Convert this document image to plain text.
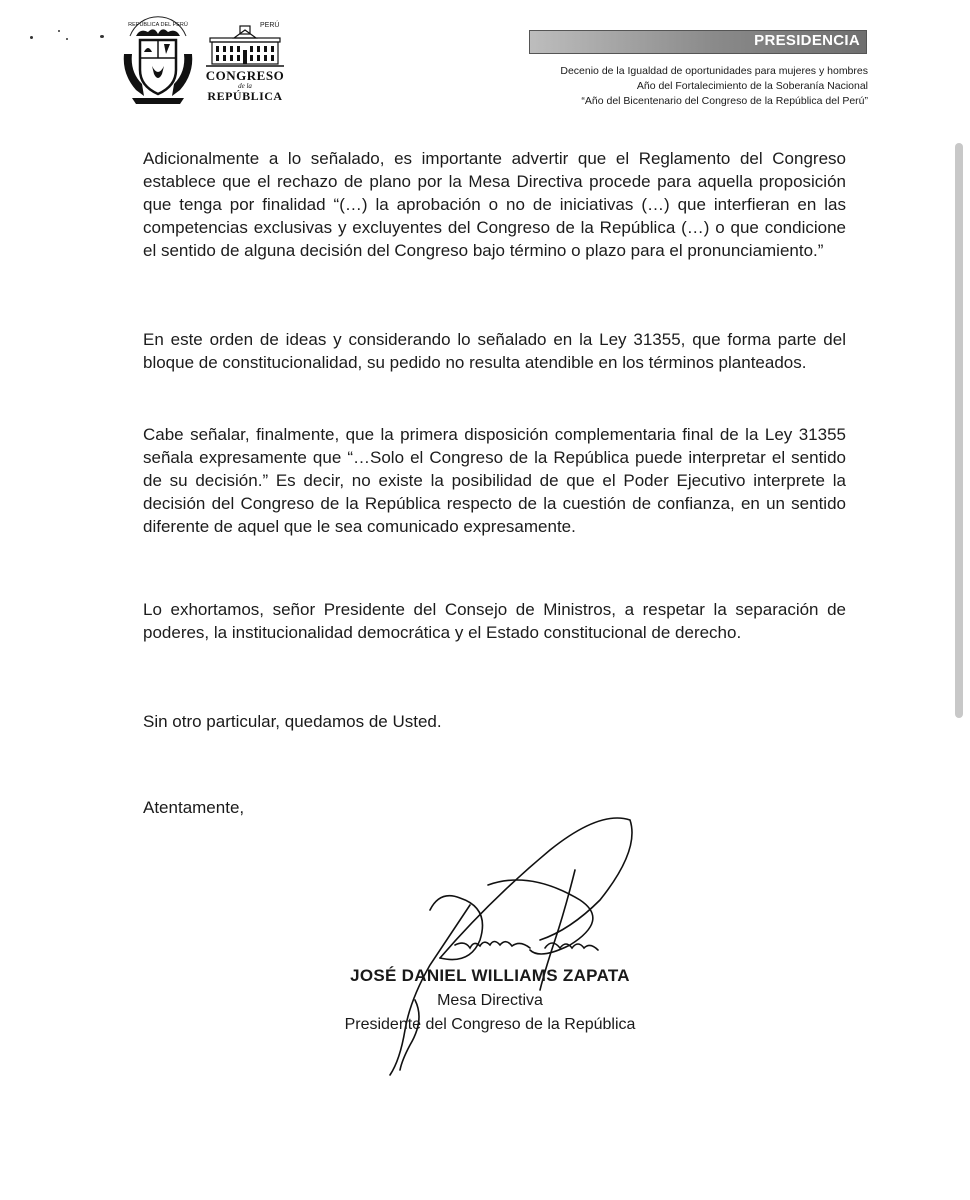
REPÚBLICA DEL PERÚ	PERÚ
CONGRESO
de la
REPÚBLICA
PRESIDENCIA
Decenio de la Igualdad de oportunidades para mujeres y hombres
Año del Fortalecimiento de la Soberanía Nacional
“Año del Bicentenario del Congreso de la República del Perú”

Adicionalmente a lo señalado, es importante advertir que el Reglamento del Congreso establece que el rechazo de plano por la Mesa Directiva procede para aquella proposición que tenga por finalidad “(…) la aprobación o no de iniciativas (…) que interfieran en las competencias exclusivas y excluyentes del Congreso de la República (…) o que condicione el sentido de alguna decisión del Congreso bajo término o plazo para el pronunciamiento.”

En este orden de ideas y considerando lo señalado en la Ley 31355, que forma parte del bloque de constitucionalidad, su pedido no resulta atendible en los términos planteados.

Cabe señalar, finalmente, que la primera disposición complementaria final de la Ley 31355 señala expresamente que “…Solo el Congreso de la República puede interpretar el sentido de su decisión.” Es decir, no existe la posibilidad de que el Poder Ejecutivo interprete la decisión del Congreso de la República respecto de la cuestión de confianza, en un sentido diferente de aquel que le sea comunicado expresamente.

Lo exhortamos, señor Presidente del Consejo de Ministros, a respetar la separación de poderes, la institucionalidad democrática y el Estado constitucional de derecho.

Sin otro particular, quedamos de Usted.

Atentamente,

JOSÉ DANIEL WILLIAMS ZAPATA

Mesa Directiva

Presidente del Congreso de la República
